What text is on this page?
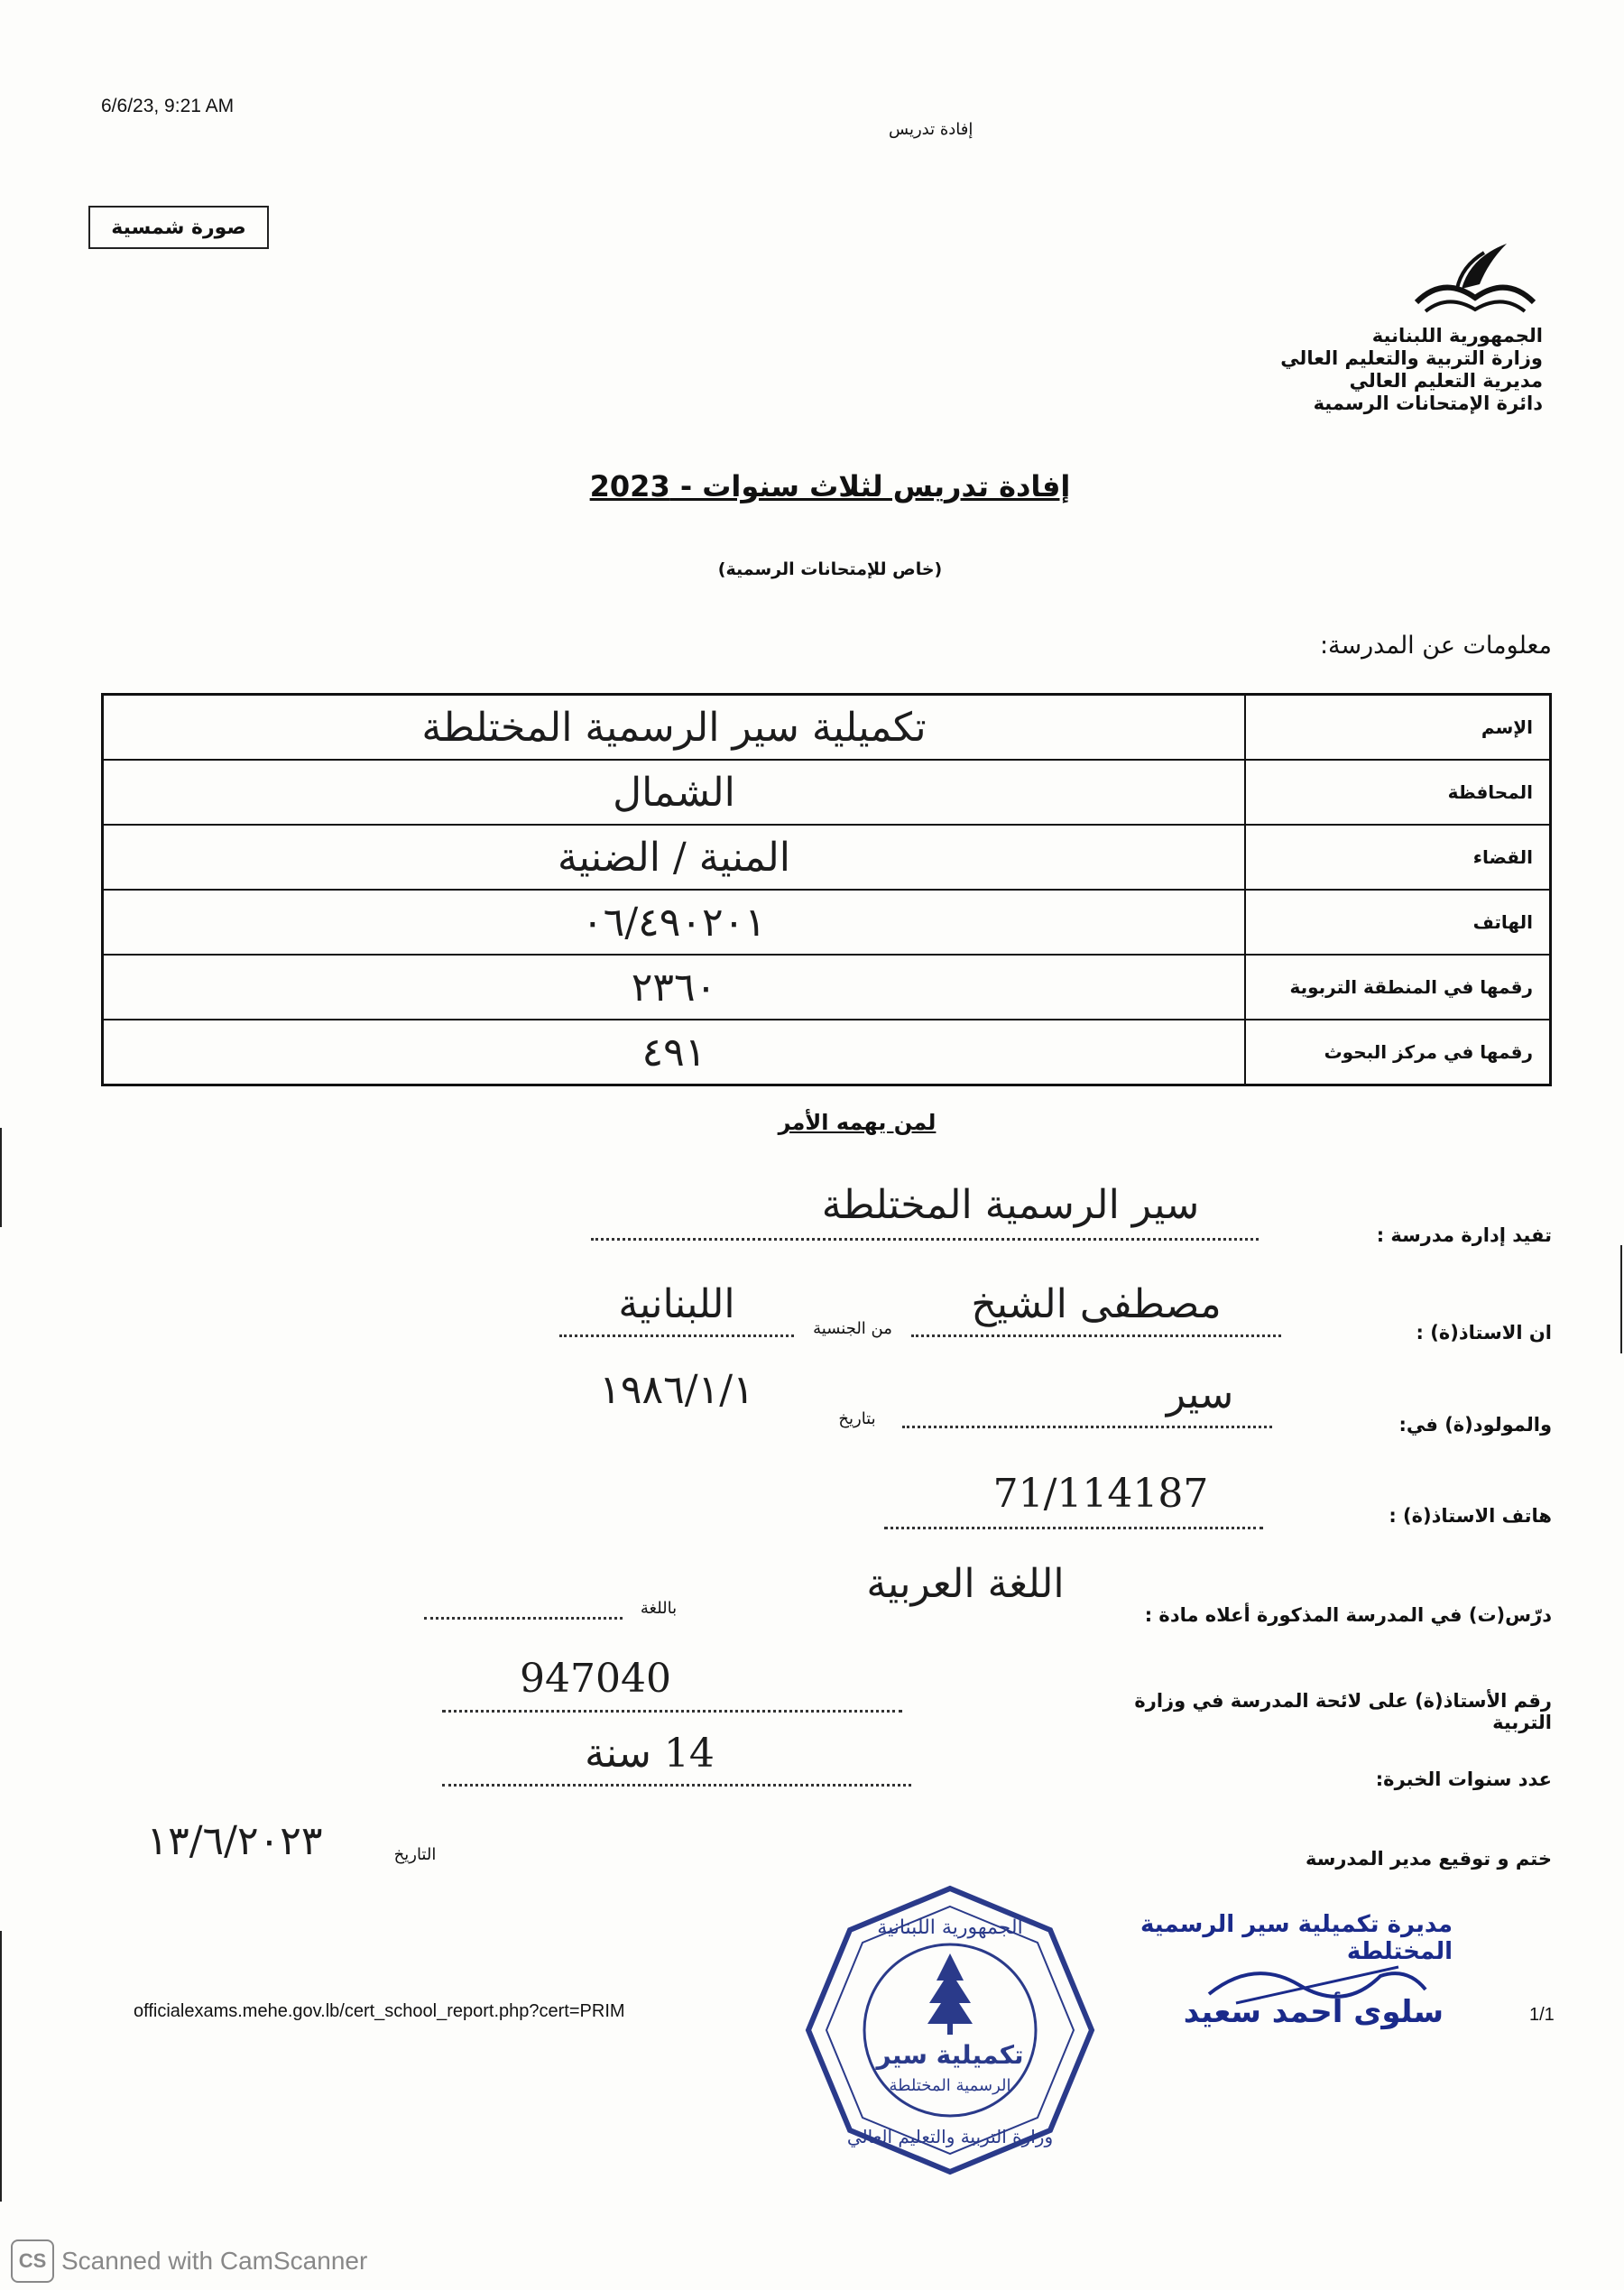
6/6/23, 9:21 AM
إفادة تدريس
صورة شمسية
الجمهورية اللبنانية
وزارة التربية والتعليم العالي
مديرية التعليم العالي
دائرة الإمتحانات الرسمية
إفادة تدريس لثلاث سنوات - 2023
(خاص للإمتحانات الرسمية)
معلومات عن المدرسة:
تكميلية سير الرسمية المختلطة	الإسم
الشمال	المحافظة
المنية / الضنية	القضاء
٠٦/٤٩٠٢٠١	الهاتف
٢٣٦٠	رقمها في المنطقة التربوية
٤٩١	رقمها في مركز البحوث
لمن يهمه الأمر
تفيد إدارة مدرسة :
سير الرسمية المختلطة
ان الاستاذ(ة) :
مصطفى الشيخ
من الجنسية
اللبنانية
والمولود(ة) في:
سير
بتاريخ
١٩٨٦/١/١
هاتف الاستاذ(ة) :
71/114187
درّس(ت) في المدرسة المذكورة أعلاه مادة :
باللغة
اللغة العربية
رقم الأستاذ(ة) على لائحة المدرسة في وزارة التربية
947040
عدد سنوات الخبرة:
14 سنة
ختم و توقيع مدير المدرسة
التاريخ
١٣/٦/٢٠٢٣
الجمهورية اللبنانية
تكميلية سير
الرسمية المختلطة
وزارة التربية والتعليم العالي
مديرة تكميلية سير الرسمية المختلطة
سلوى أحمد سعيد
officialexams.mehe.gov.lb/cert_school_report.php?cert=PRIM	1/1
CS Scanned with CamScanner
